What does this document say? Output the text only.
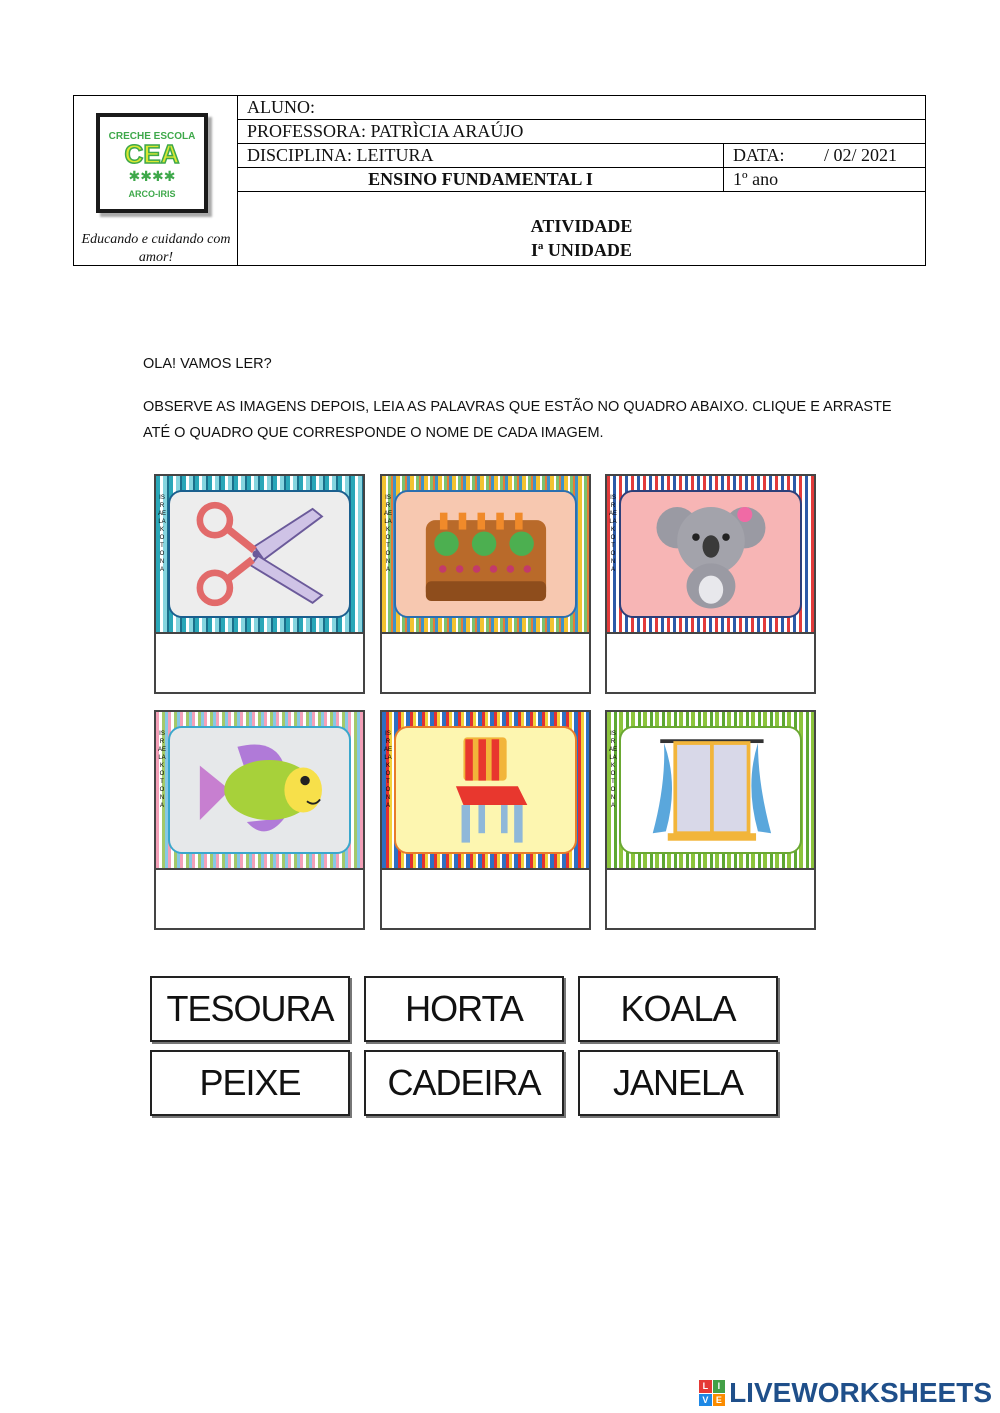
CRECHE ESCOLA
CEA
✱✱✱✱
ARCO-IRIS
Educando e cuidando com amor!
ALUNO:
PROFESSORA: PATRÌCIA ARAÚJO
DISCIPLINA: LEITURA	DATA: / 02/ 2021
ENSINO FUNDAMENTAL I	1º ano
ATIVIDADE
Iª UNIDADE
OLA! VAMOS LER?
OBSERVE AS IMAGENS DEPOIS, LEIA AS PALAVRAS QUE ESTÃO NO QUADRO ABAIXO. CLIQUE E ARRASTE ATÉ O QUADRO QUE CORRESPONDE O NOME DE CADA IMAGEM.
ISRAELA KOTONA
ISRAELA KOTONA
ISRAELA KOTONA
ISRAELA KOTONA
ISRAELA KOTONA
ISRAELA KOTONA
TESOURA	HORTA	KOALA
PEIXE	CADEIRA	JANELA
L	I
V E LIVEWORKSHEETS
